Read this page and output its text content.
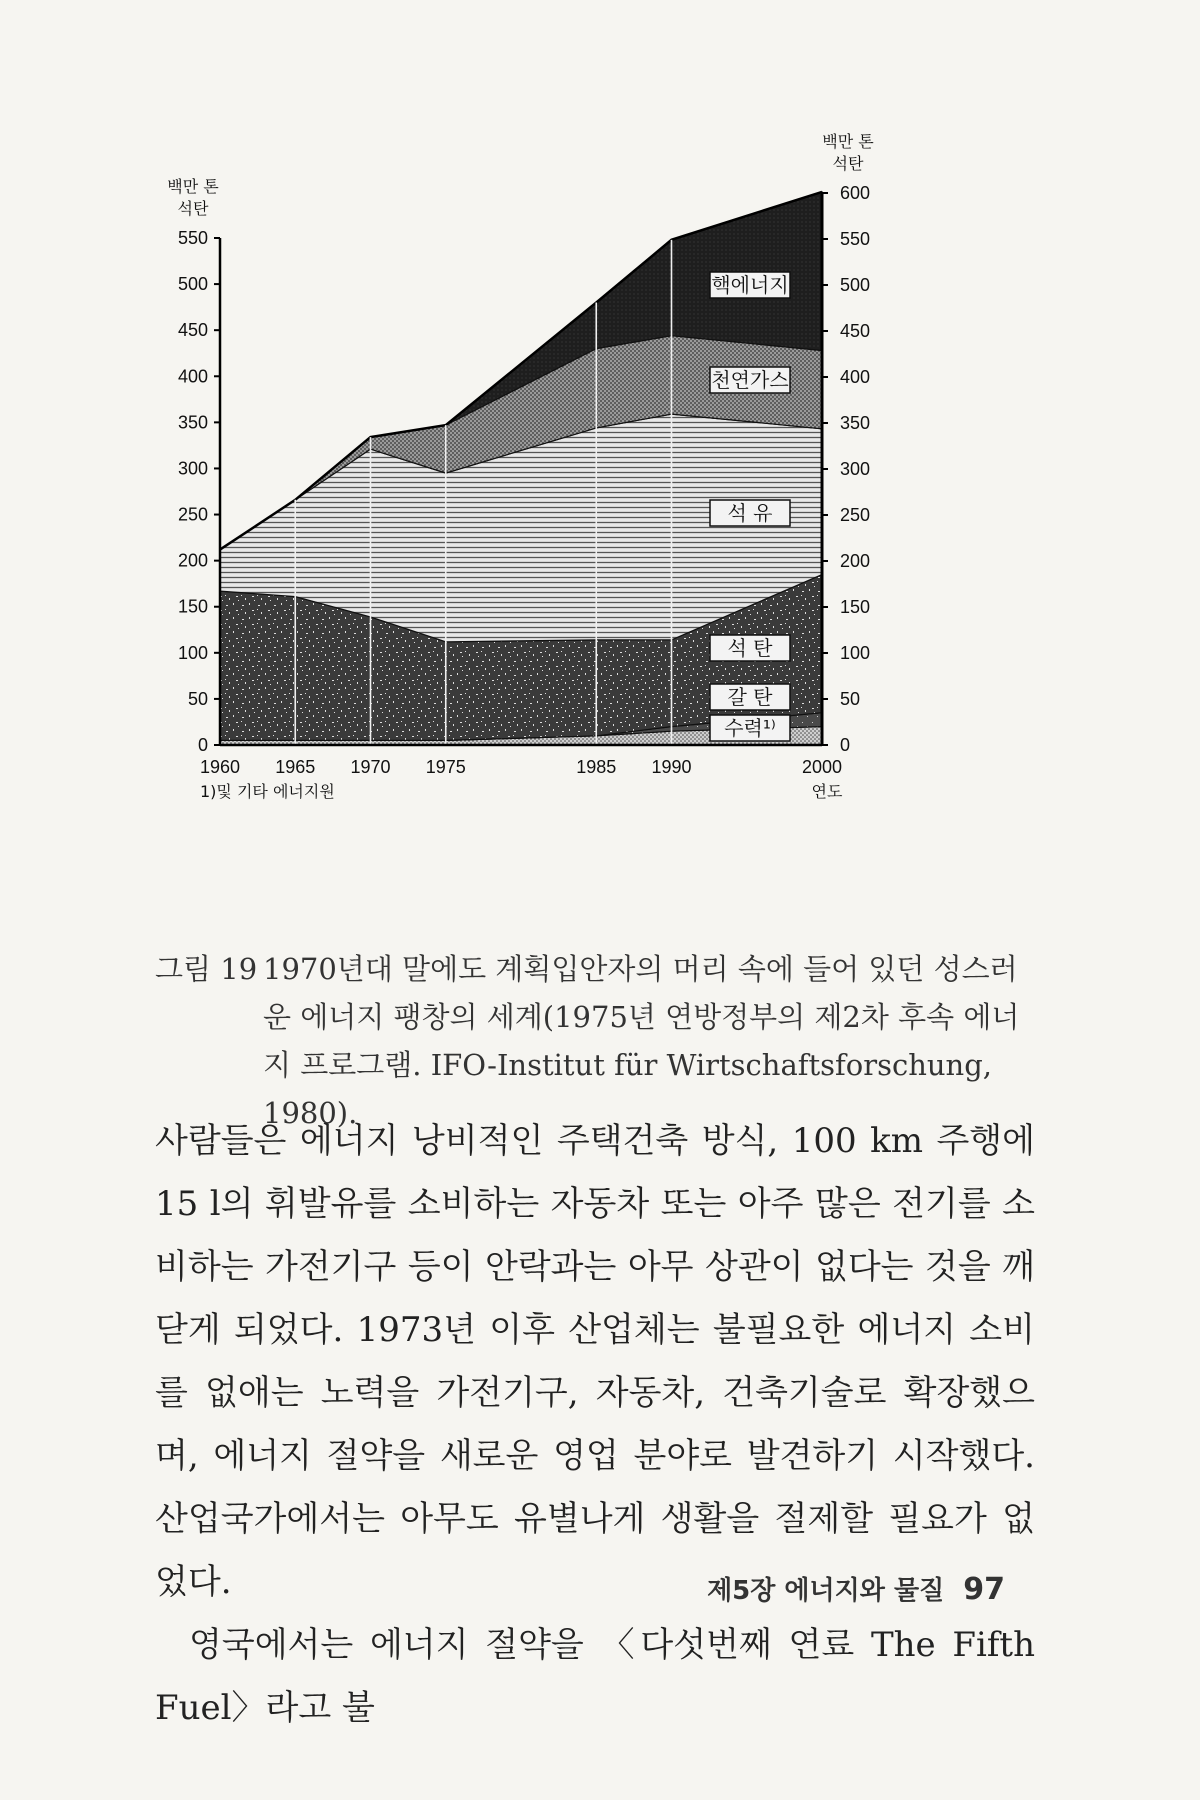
0
50
100
150
200
250
300
350
400
450
500
550
0
50
100
150
200
250
300
350
400
450
500
550
600
1960 1965 1970 1975	1985 1990	2000
백만 톤
석탄
백만 톤
석탄
연도
1)및 기타 에너지원
핵에너지
천연가스
석 유
석 탄
갈 탄
수력¹⁾
그림 19 1970년대 말에도 계획입안자의 머리 속에 들어 있던 성스러운 에너지 팽창의 세계(1975년 연방정부의 제2차 후속 에너지 프로그램. IFO-Institut für Wirtschaftsforschung, 1980).

사람들은 에너지 낭비적인 주택건축 방식, 100 km 주행에 15 l의 휘발유를 소비하는 자동차 또는 아주 많은 전기를 소비하는 가전기구 등이 안락과는 아무 상관이 없다는 것을 깨닫게 되었다. 1973년 이후 산업체는 불필요한 에너지 소비를 없애는 노력을 가전기구, 자동차, 건축기술로 확장했으며, 에너지 절약을 새로운 영업 분야로 발견하기 시작했다. 산업국가에서는 아무도 유별나게 생활을 절제할 필요가 없었다.

영국에서는 에너지 절약을 〈다섯번째 연료 The Fifth Fuel〉라고 불

제5장 에너지와 물질 97
